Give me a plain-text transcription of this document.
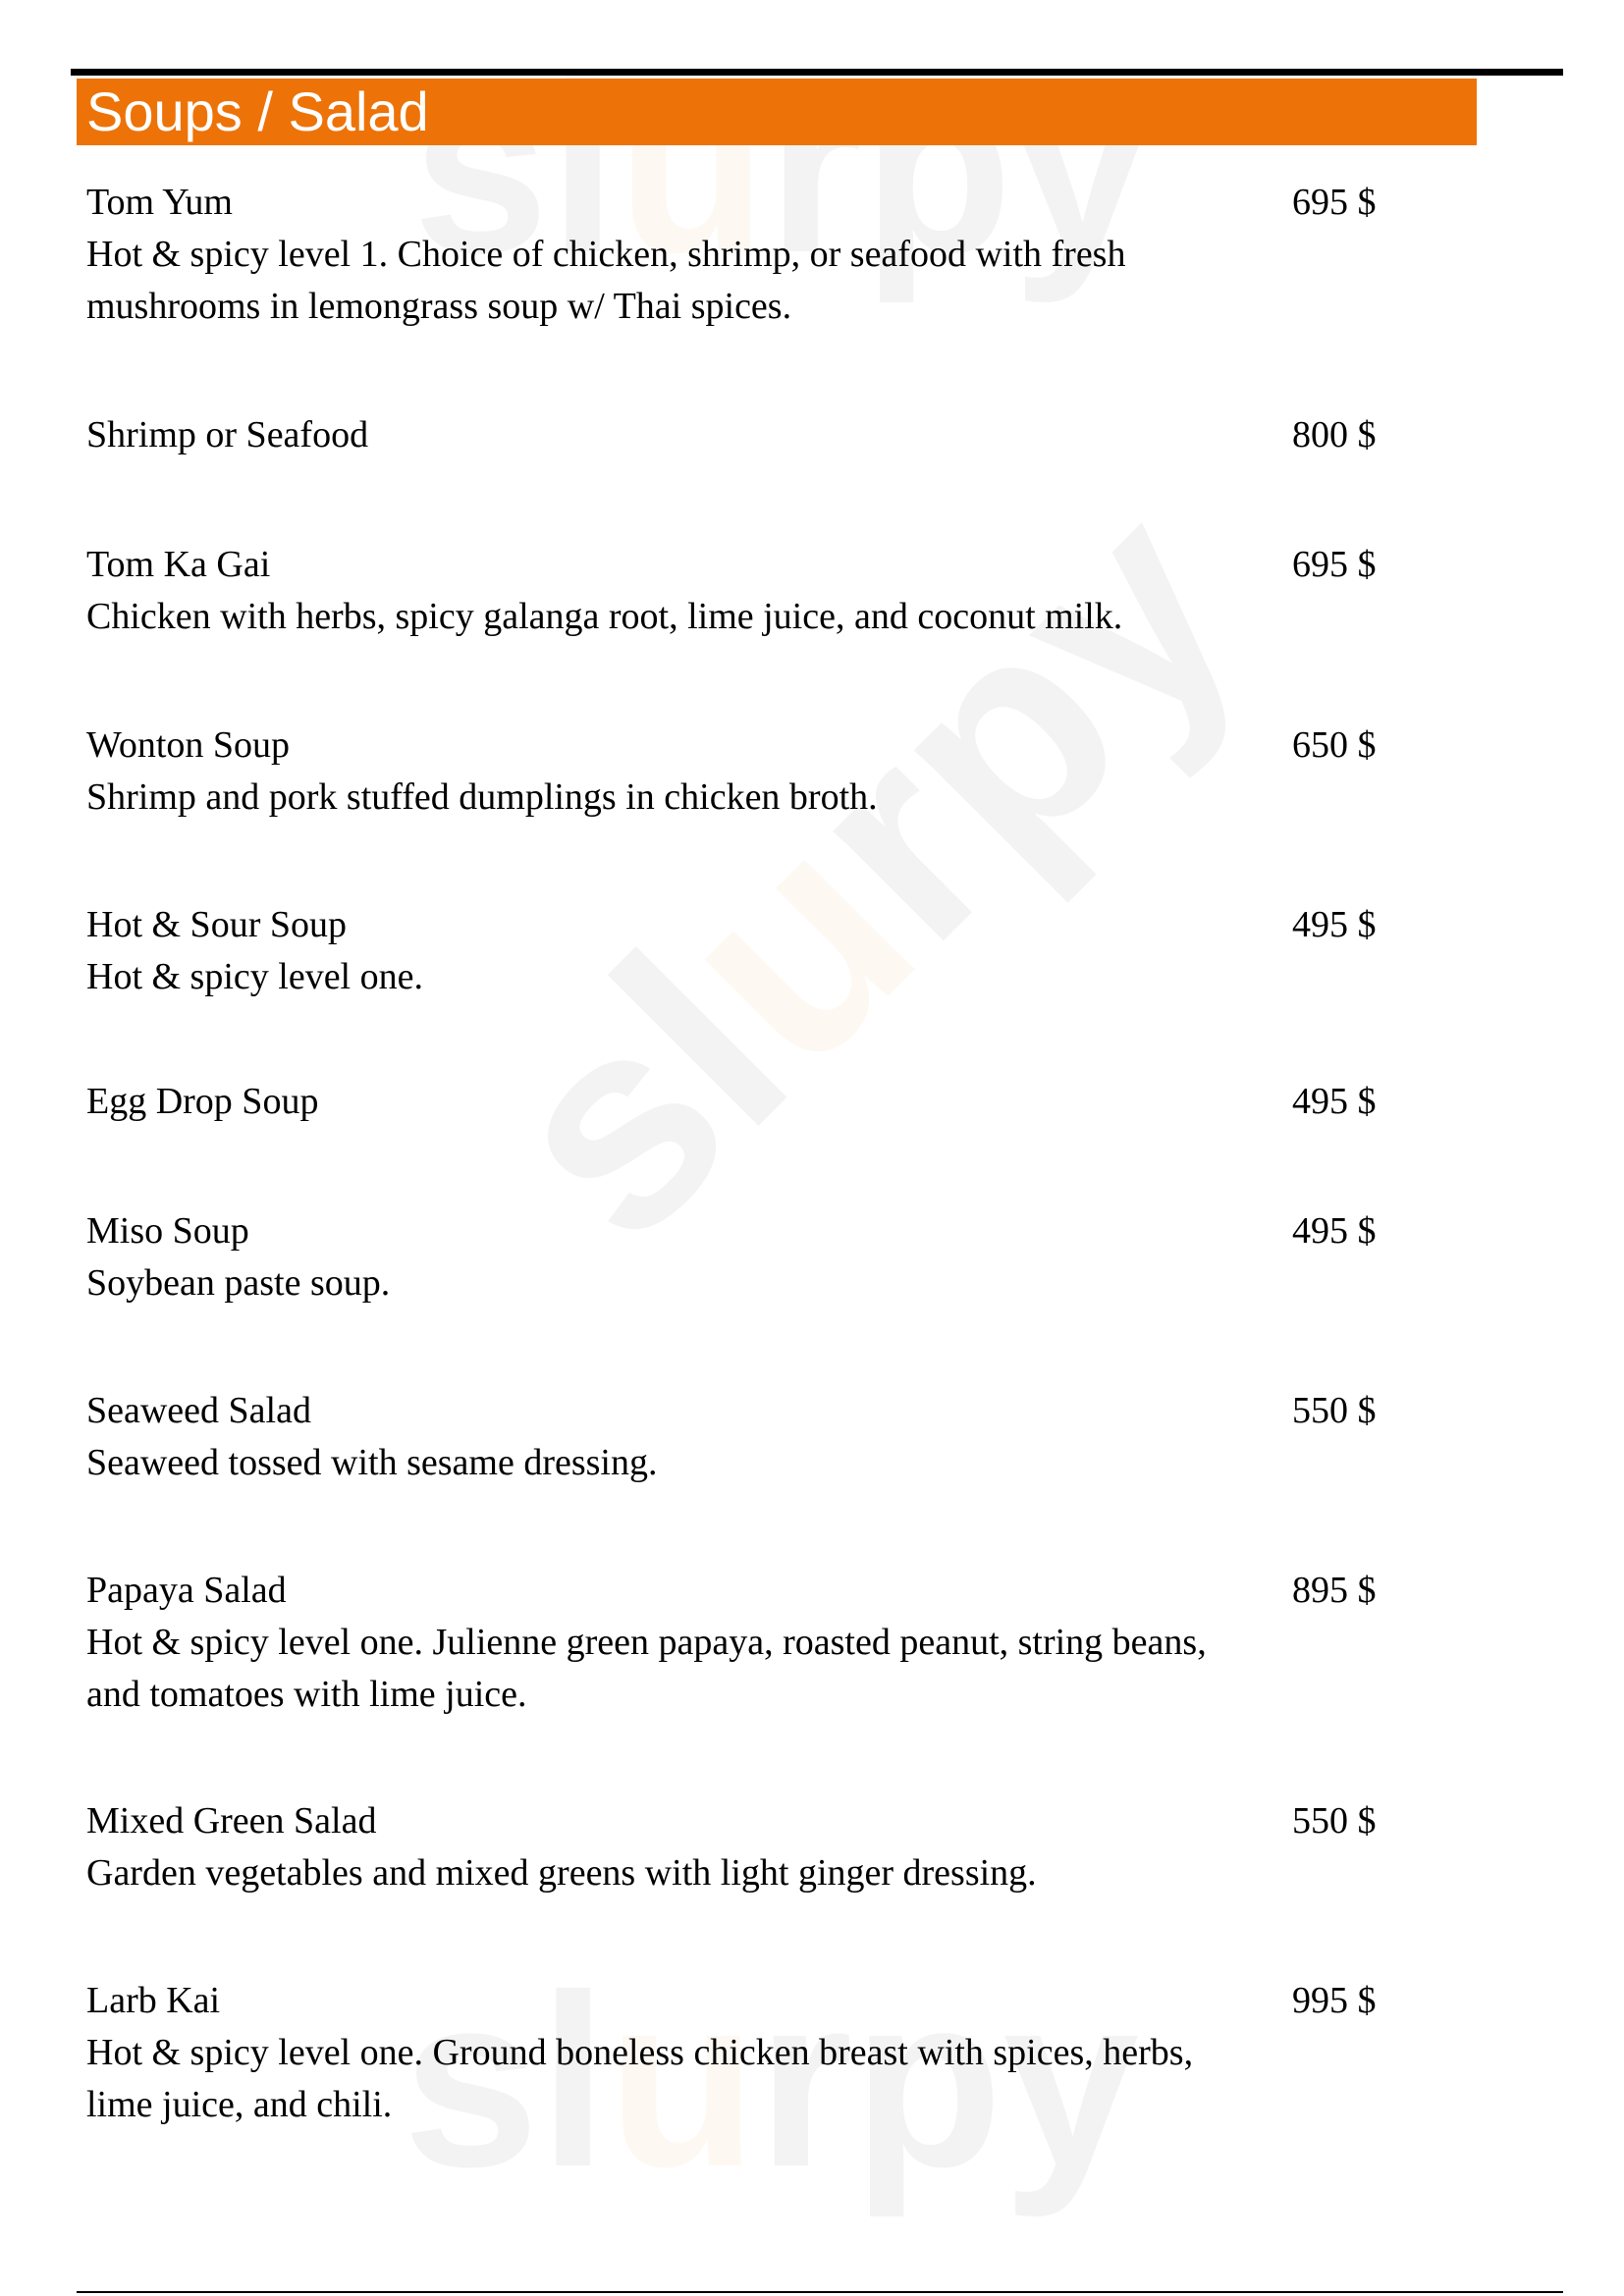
Soups / Salad
Tom Yum
Hot & spicy level 1. Choice of chicken, shrimp, or seafood with fresh mushrooms in lemongrass soup w/ Thai spices.
695 $
Shrimp or Seafood	800 $
Tom Ka Gai
Chicken with herbs, spicy galanga root, lime juice, and coconut milk.
695 $
Wonton Soup
Shrimp and pork stuffed dumplings in chicken broth.
650 $
Hot & Sour Soup
Hot & spicy level one.
495 $
Egg Drop Soup	495 $
Miso Soup
Soybean paste soup.
495 $
Seaweed Salad
Seaweed tossed with sesame dressing.
550 $
Papaya Salad
Hot & spicy level one. Julienne green papaya, roasted peanut, string beans, and tomatoes with lime juice.
895 $
Mixed Green Salad
Garden vegetables and mixed greens with light ginger dressing.
550 $
Larb Kai
Hot & spicy level one. Ground boneless chicken breast with spices, herbs, lime juice, and chili.
995 $
